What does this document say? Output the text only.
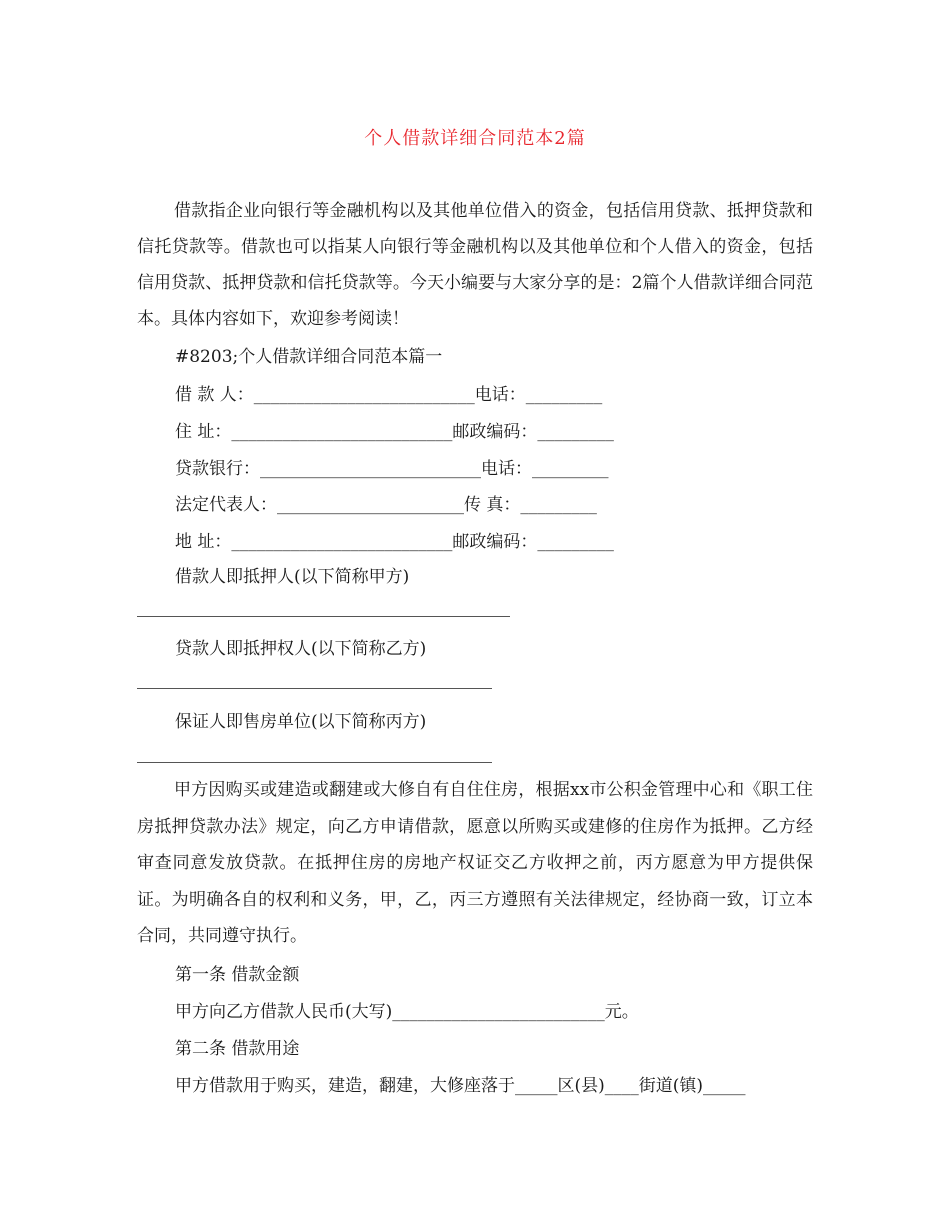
个人借款详细合同范本2篇

借款指企业向银行等金融机构以及其他单位借入的资金，包括信用贷款、抵押贷款和信托贷款等。借款也可以指某人向银行等金融机构以及其他单位和个人借入的资金，包括信用贷款、抵押贷款和信托贷款等。今天小编要与大家分享的是：2篇个人借款详细合同范本。具体内容如下，欢迎参考阅读！

#8203;个人借款详细合同范本篇一

借 款 人：__________________________电话：_________

住 址：__________________________邮政编码：_________

贷款银行：__________________________电话：_________

法定代表人：______________________传 真：_________

地 址：__________________________邮政编码：_________

借款人即抵押人(以下简称甲方)

贷款人即抵押权人(以下简称乙方)

保证人即售房单位(以下简称丙方)

甲方因购买或建造或翻建或大修自有自住住房，根据xx市公积金管理中心和《职工住房抵押贷款办法》规定，向乙方申请借款，愿意以所购买或建修的住房作为抵押。乙方经审查同意发放贷款。在抵押住房的房地产权证交乙方收押之前，丙方愿意为甲方提供保证。为明确各自的权利和义务，甲，乙，丙三方遵照有关法律规定，经协商一致，订立本合同，共同遵守执行。

第一条 借款金额

甲方向乙方借款人民币(大写)_________________________元。

第二条 借款用途

甲方借款用于购买，建造，翻建，大修座落于_____区(县)____街道(镇)_____
